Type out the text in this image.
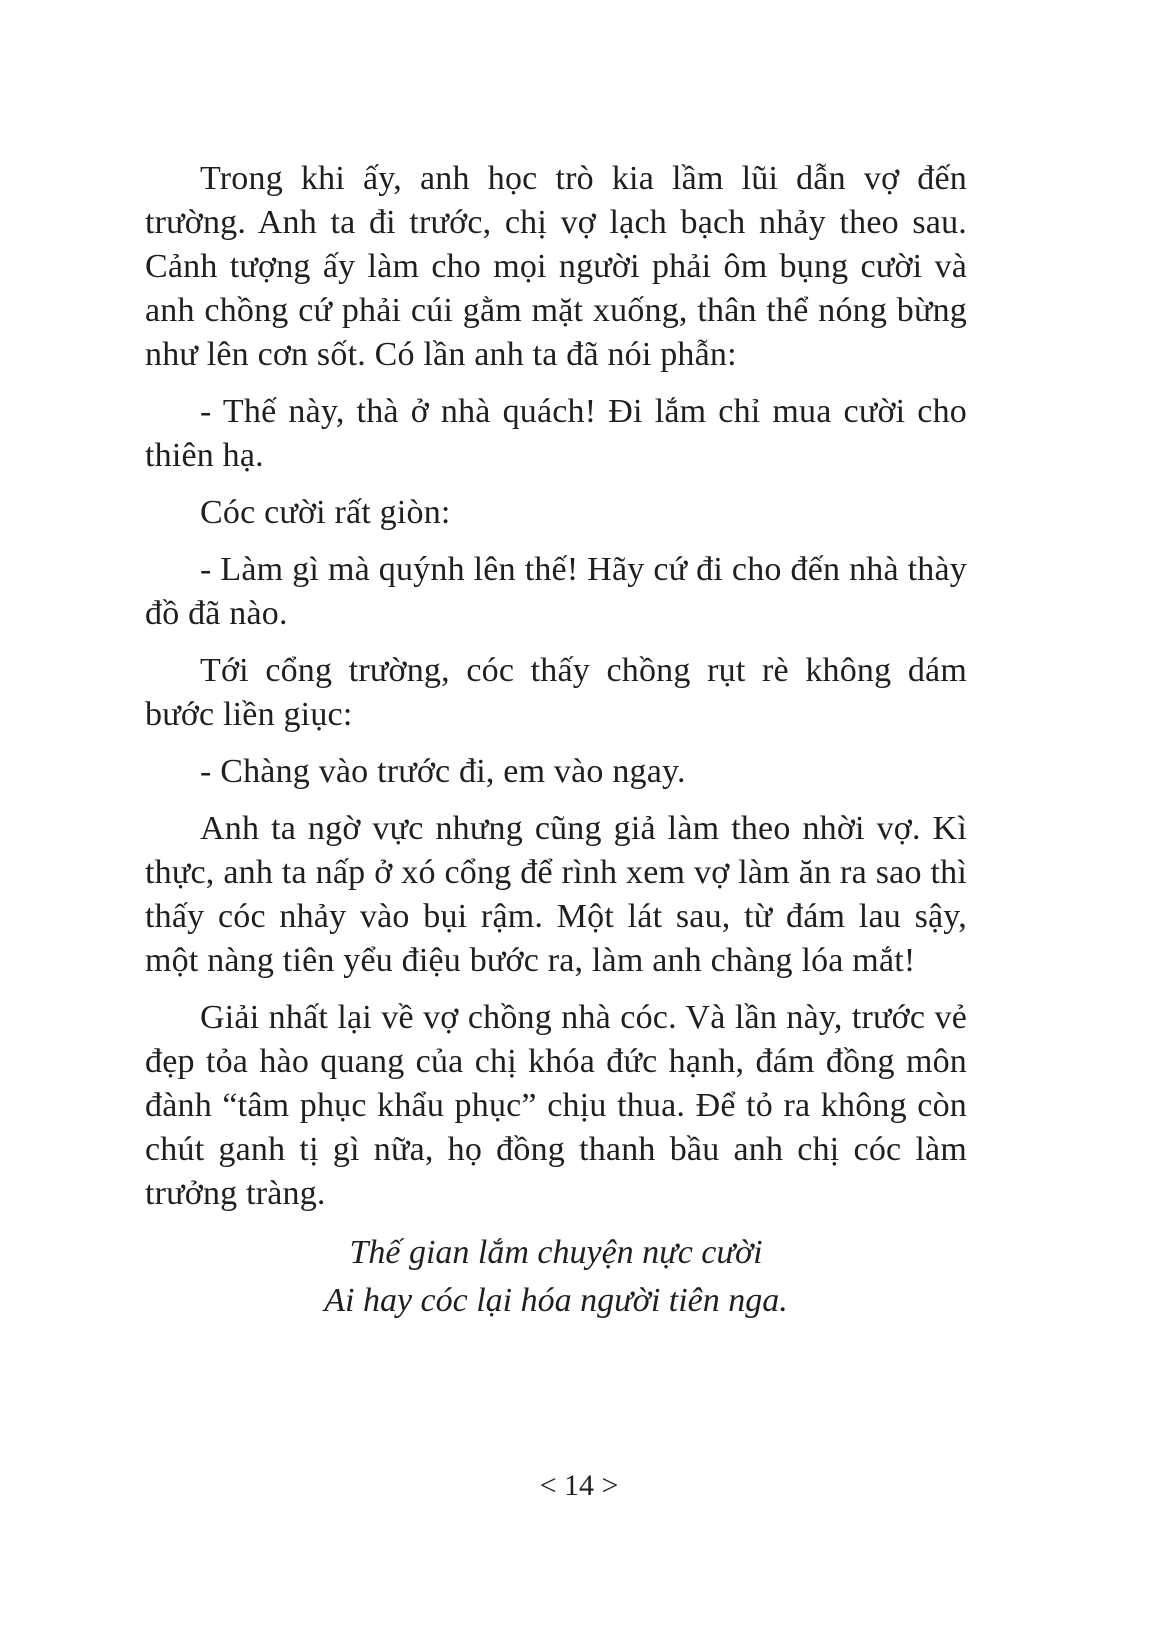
Trong khi ấy, anh học trò kia lầm lũi dẫn vợ đến trường. Anh ta đi trước, chị vợ lạch bạch nhảy theo sau. Cảnh tượng ấy làm cho mọi người phải ôm bụng cười và anh chồng cứ phải cúi gằm mặt xuống, thân thể nóng bừng như lên cơn sốt. Có lần anh ta đã nói phẫn:

- Thế này, thà ở nhà quách! Đi lắm chỉ mua cười cho thiên hạ.

Cóc cười rất giòn:

- Làm gì mà quýnh lên thế! Hãy cứ đi cho đến nhà thày đồ đã nào.

Tới cổng trường, cóc thấy chồng rụt rè không dám bước liền giục:

- Chàng vào trước đi, em vào ngay.

Anh ta ngờ vực nhưng cũng giả làm theo nhời vợ. Kì thực, anh ta nấp ở xó cổng để rình xem vợ làm ăn ra sao thì thấy cóc nhảy vào bụi rậm. Một lát sau, từ đám lau sậy, một nàng tiên yểu điệu bước ra, làm anh chàng lóa mắt!

Giải nhất lại về vợ chồng nhà cóc. Và lần này, trước vẻ đẹp tỏa hào quang của chị khóa đức hạnh, đám đồng môn đành “tâm phục khẩu phục” chịu thua. Để tỏ ra không còn chút ganh tị gì nữa, họ đồng thanh bầu anh chị cóc làm trưởng tràng.

Thế gian lắm chuyện nực cười

Ai hay cóc lại hóa người tiên nga.

< 14 >
